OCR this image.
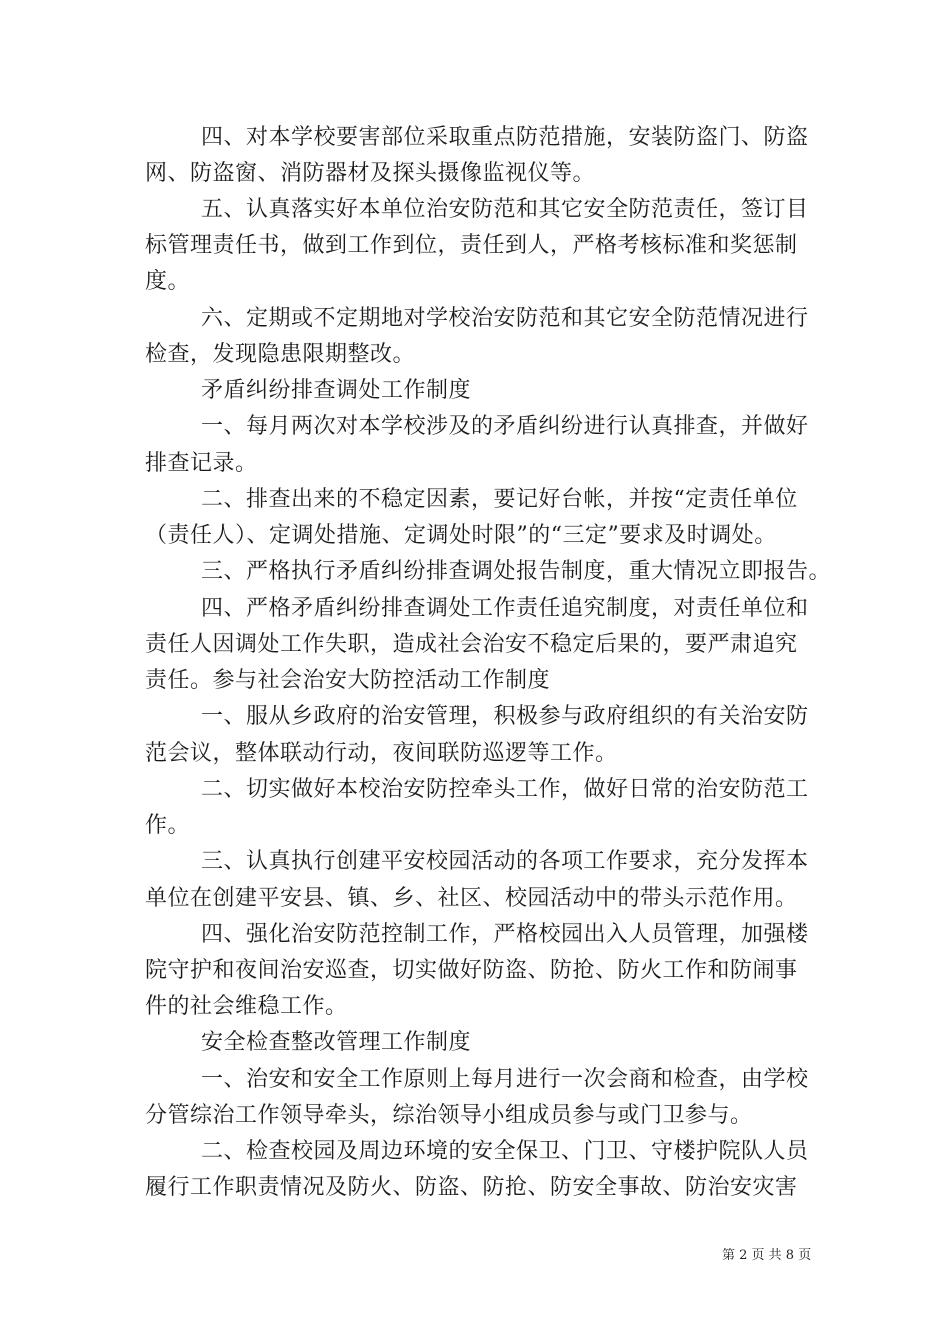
四、对本学校要害部位采取重点防范措施，安装防盗门、防盗
网、防盗窗、消防器材及探头摄像监视仪等。
五、认真落实好本单位治安防范和其它安全防范责任，签订目
标管理责任书，做到工作到位，责任到人，严格考核标准和奖惩制
度。
六、定期或不定期地对学校治安防范和其它安全防范情况进行
检查，发现隐患限期整改。
矛盾纠纷排查调处工作制度
一、每月两次对本学校涉及的矛盾纠纷进行认真排查，并做好
排查记录。
二、排查出来的不稳定因素，要记好台帐，并按“定责任单位
（责任人）、定调处措施、定调处时限”的“三定”要求及时调处。
三、严格执行矛盾纠纷排查调处报告制度，重大情况立即报告。
四、严格矛盾纠纷排查调处工作责任追究制度，对责任单位和
责任人因调处工作失职，造成社会治安不稳定后果的，要严肃追究
责任。参与社会治安大防控活动工作制度
一、服从乡政府的治安管理，积极参与政府组织的有关治安防
范会议，整体联动行动，夜间联防巡逻等工作。
二、切实做好本校治安防控牵头工作，做好日常的治安防范工
作。
三、认真执行创建平安校园活动的各项工作要求，充分发挥本
单位在创建平安县、镇、乡、社区、校园活动中的带头示范作用。
四、强化治安防范控制工作，严格校园出入人员管理，加强楼
院守护和夜间治安巡查，切实做好防盗、防抢、防火工作和防闹事
件的社会维稳工作。
安全检查整改管理工作制度
一、治安和安全工作原则上每月进行一次会商和检查，由学校
分管综治工作领导牵头，综治领导小组成员参与或门卫参与。
二、检查校园及周边环境的安全保卫、门卫、守楼护院队人员
履行工作职责情况及防火、防盗、防抢、防安全事故、防治安灾害
第 2 页 共 8 页
